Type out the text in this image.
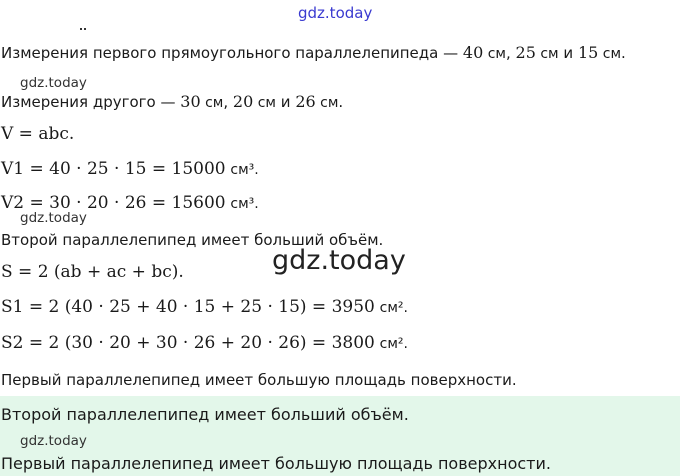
gdz.today
Измерения первого прямоугольного параллелепипеда — 40 см, 25 см и 15 см.
gdz.today
Измерения другого — 30 см, 20 см и 26 см.
V = abc.
V1 = 40 · 25 · 15 = 15000 см³.
V2 = 30 · 20 · 26 = 15600 см³.
gdz.today
Второй параллелепипед имеет больший объём.
S = 2 (ab + ac + bc).	gdz.today
S1 = 2 (40 · 25 + 40 · 15 + 25 · 15) = 3950 см².
S2 = 2 (30 · 20 + 30 · 26 + 20 · 26) = 3800 см².
Первый параллелепипед имеет большую площадь поверхности.
Второй параллелепипед имеет больший объём.
gdz.today
Первый параллелепипед имеет большую площадь поверхности.
